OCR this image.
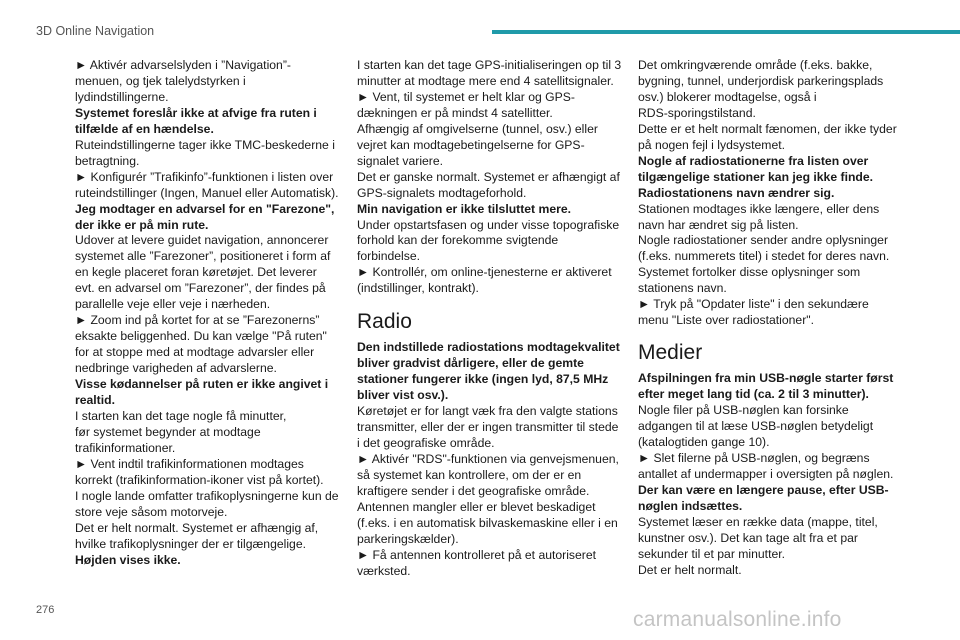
3D Online Navigation
► Aktivér advarselslyden i ”Navigation”-
menuen, og tjek talelydstyrken i
lydindstillingerne.
Systemet foreslår ikke at afvige fra ruten i
tilfælde af en hændelse.
Ruteindstillingerne tager ikke TMC-beskederne i
betragtning.
► Konfigurér ”Trafikinfo”-funktionen i listen over
ruteindstillinger (Ingen, Manuel eller Automatisk).
Jeg modtager en advarsel for en "Farezone",
der ikke er på min rute.
Udover at levere guidet navigation, annoncerer
systemet alle ”Farezoner”, positioneret i form af
en kegle placeret foran køretøjet. Det leverer
evt. en advarsel om ”Farezoner”, der findes på
parallelle veje eller veje i nærheden.
► Zoom ind på kortet for at se ”Farezonerns”
eksakte beliggenhed. Du kan vælge "På ruten"
for at stoppe med at modtage advarsler eller
nedbringe varigheden af advarslerne.
Visse kødannelser på ruten er ikke angivet i
realtid.
I starten kan det tage nogle få minutter,
før systemet begynder at modtage
trafikinformationer.
► Vent indtil trafikinformationen modtages
korrekt (trafikinformation-ikoner vist på kortet).
I nogle lande omfatter trafikoplysningerne kun de
store veje såsom motorveje.
Det er helt normalt. Systemet er afhængig af,
hvilke trafikoplysninger der er tilgængelige.
Højden vises ikke.
I starten kan det tage GPS-initialiseringen op til 3
minutter at modtage mere end 4 satellitsignaler.
► Vent, til systemet er helt klar og GPS-
dækningen er på mindst 4 satellitter.
Afhængig af omgivelserne (tunnel, osv.) eller
vejret kan modtagebetingelserne for GPS-
signalet variere.
Det er ganske normalt. Systemet er afhængigt af
GPS-signalets modtageforhold.
Min navigation er ikke tilsluttet mere.
Under opstartsfasen og under visse topografiske
forhold kan der forekomme svigtende
forbindelse.
► Kontrollér, om online-tjenesterne er aktiveret
(indstillinger, kontrakt).
Radio
Den indstillede radiostations modtagekvalitet
bliver gradvist dårligere, eller de gemte
stationer fungerer ikke (ingen lyd, 87,5 MHz
bliver vist osv.).
Køretøjet er for langt væk fra den valgte stations
transmitter, eller der er ingen transmitter til stede
i det geografiske område.
► Aktivér "RDS"-funktionen via genvejsmenuen,
så systemet kan kontrollere, om der er en
kraftigere sender i det geografiske område.
Antennen mangler eller er blevet beskadiget
(f.eks. i en automatisk bilvaskemaskine eller i en
parkeringskælder).
► Få antennen kontrolleret på et autoriseret
værksted.
Det omkringværende område (f.eks. bakke,
bygning, tunnel, underjordisk parkeringsplads
osv.) blokerer modtagelse, også i
RDS-sporingstilstand.
Dette er et helt normalt fænomen, der ikke tyder
på nogen fejl i lydsystemet.
Nogle af radiostationerne fra listen over
tilgængelige stationer kan jeg ikke finde.
Radiostationens navn ændrer sig.
Stationen modtages ikke længere, eller dens
navn har ændret sig på listen.
Nogle radiostationer sender andre oplysninger
(f.eks. nummerets titel) i stedet for deres navn.
Systemet fortolker disse oplysninger som
stationens navn.
► Tryk på "Opdater liste" i den sekundære
menu "Liste over radiostationer".
Medier
Afspilningen fra min USB-nøgle starter først
efter meget lang tid (ca. 2 til 3 minutter).
Nogle filer på USB-nøglen kan forsinke
adgangen til at læse USB-nøglen betydeligt
(katalogtiden gange 10).
► Slet filerne på USB-nøglen, og begræns
antallet af undermapper i oversigten på nøglen.
Der kan være en længere pause, efter USB-
nøglen indsættes.
Systemet læser en række data (mappe, titel,
kunstner osv.). Det kan tage alt fra et par
sekunder til et par minutter.
Det er helt normalt.
276	carmanualsonline.info
